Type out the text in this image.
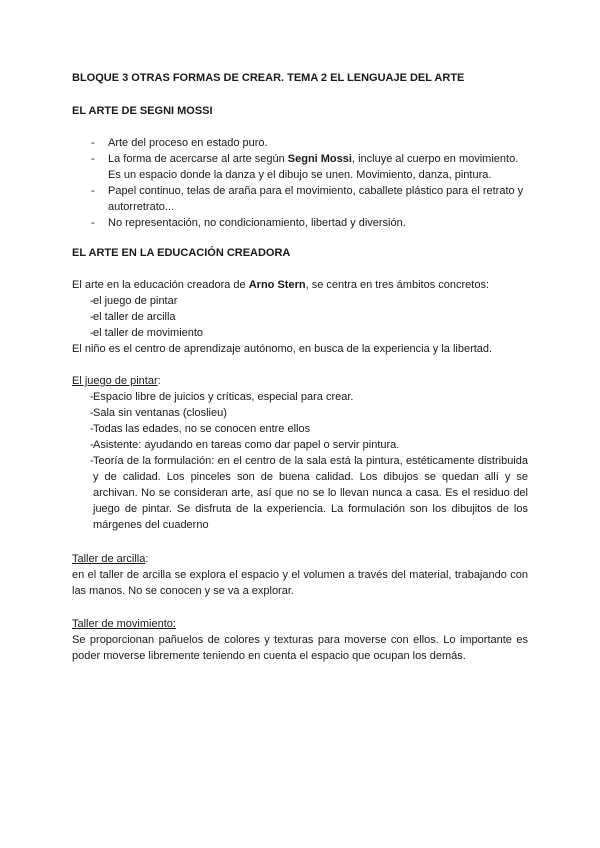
BLOQUE 3 OTRAS FORMAS DE CREAR. TEMA 2 EL LENGUAJE DEL ARTE

EL ARTE DE SEGNI MOSSI

- Arte del proceso en estado puro.
- La forma de acercarse al arte según Segni Mossi, incluye al cuerpo en movimiento. Es un espacio donde la danza y el dibujo se unen. Movimiento, danza, pintura.
- Papel continuo, telas de araña para el movimiento, caballete plástico para el retrato y autorretrato...
- No representación, no condicionamiento, libertad y diversión.

EL ARTE EN LA EDUCACIÓN CREADORA

El arte en la educación creadora de Arno Stern, se centra en tres ámbitos concretos:

- el juego de pintar
- el taller de arcilla
- el taller de movimiento

El niño es el centro de aprendizaje autónomo, en busca de la experiencia y la libertad.

El juego de pintar:

- Espacio libre de juicios y críticas, especial para crear.
- Sala sin ventanas (closlieu)
- Todas las edades, no se conocen entre ellos
- Asistente: ayudando en tareas como dar papel o servir pintura.
- Teoría de la formulación: en el centro de la sala está la pintura, estéticamente distribuida y de calidad. Los pinceles son de buena calidad. Los dibujos se quedan allí y se archivan. No se consideran arte, así que no se lo llevan nunca a casa. Es el residuo del juego de pintar. Se disfruta de la experiencia. La formulación son los dibujitos de los márgenes del cuaderno

Taller de arcilla:

en el taller de arcilla se explora el espacio y el volumen a través del material, trabajando con las manos. No se conocen y se va a explorar.

Taller de movimiento:

Se proporcionan pañuelos de colores y texturas para moverse con ellos. Lo importante es poder moverse libremente teniendo en cuenta el espacio que ocupan los demás.
